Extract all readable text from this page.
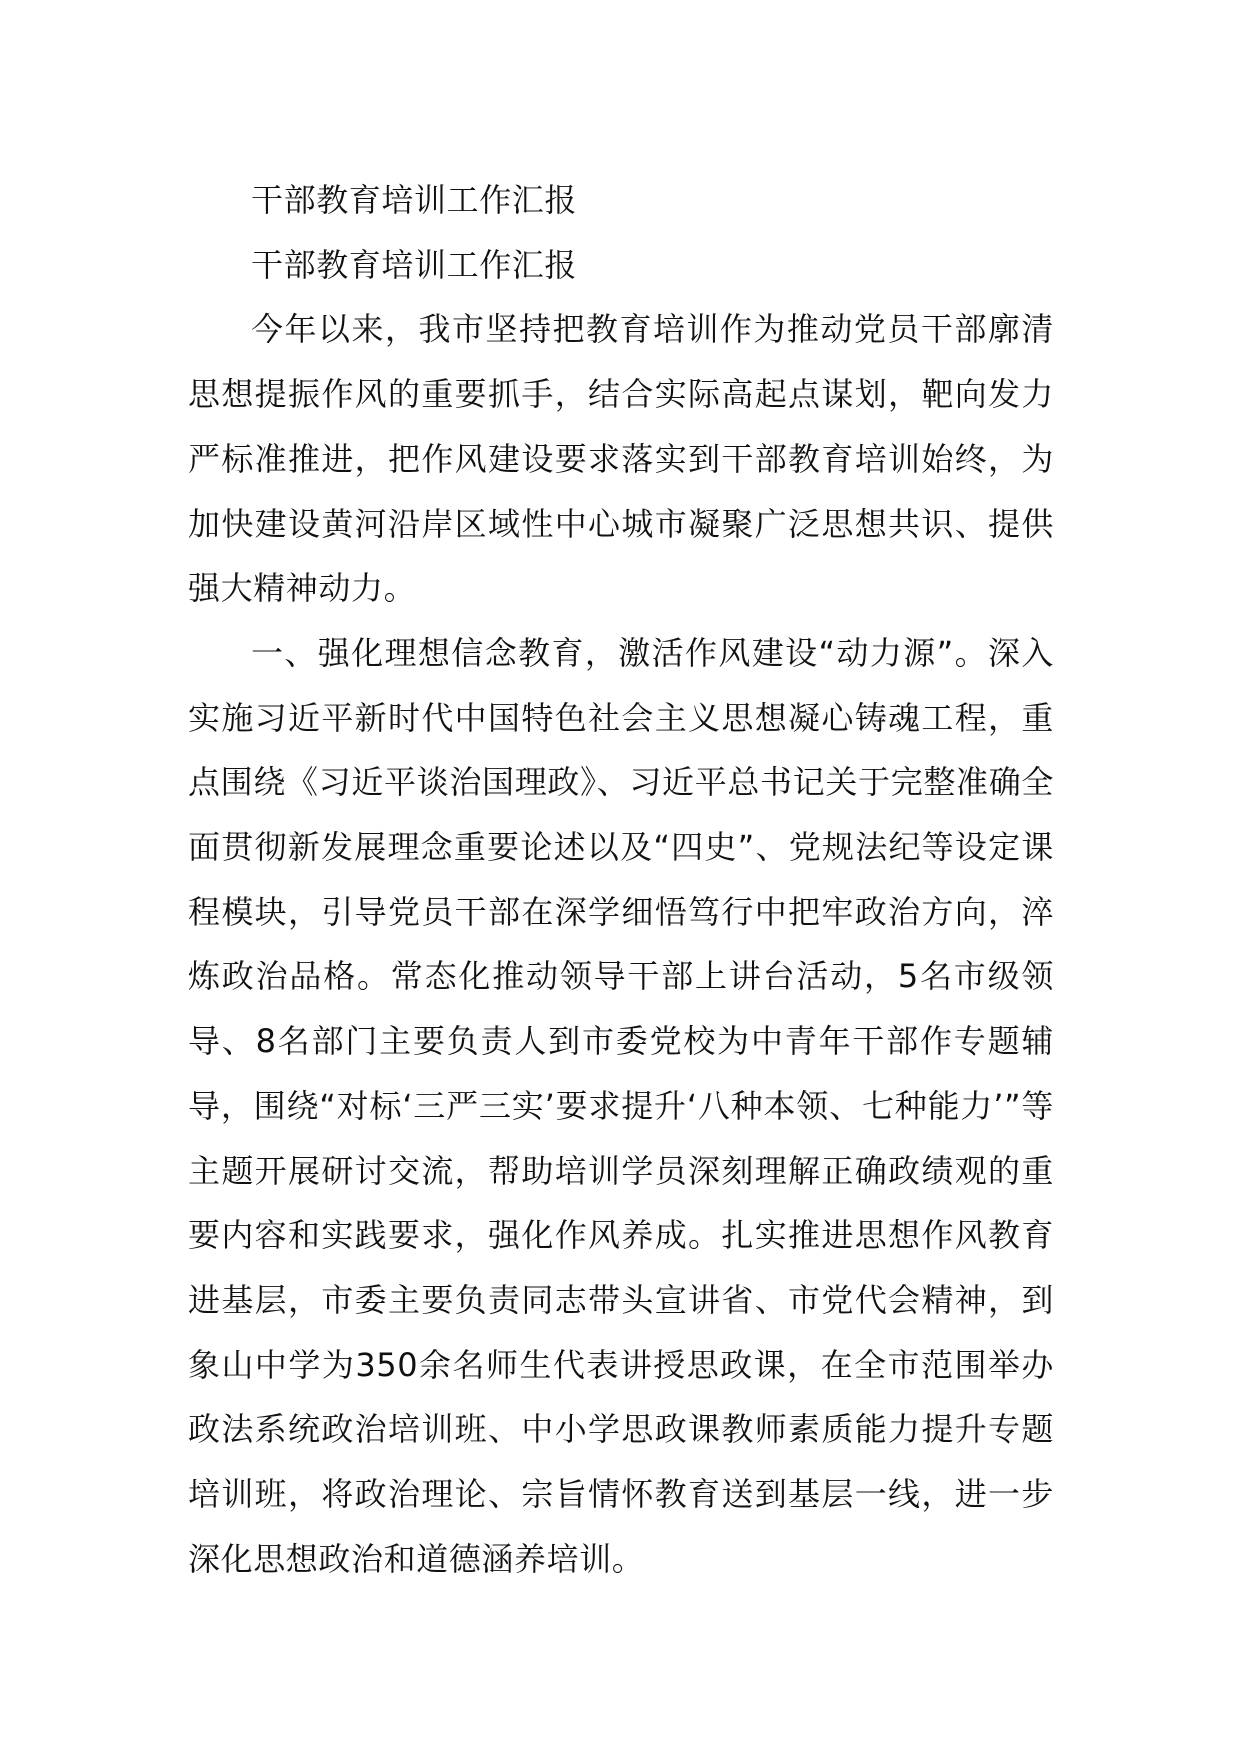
干部教育培训工作汇报

干部教育培训工作汇报

今年以来，我市坚持把教育培训作为推动党员干部廓清思想提振作风的重要抓手，结合实际高起点谋划，靶向发力严标准推进，把作风建设要求落实到干部教育培训始终，为加快建设黄河沿岸区域性中心城市凝聚广泛思想共识、提供强大精神动力。

一、强化理想信念教育，激活作风建设“动力源”。深入实施习近平新时代中国特色社会主义思想凝心铸魂工程，重点围绕《习近平谈治国理政》、习近平总书记关于完整准确全面贯彻新发展理念重要论述以及“四史”、党规法纪等设定课程模块，引导党员干部在深学细悟笃行中把牢政治方向，淬炼政治品格。常态化推动领导干部上讲台活动，5名市级领导、8名部门主要负责人到市委党校为中青年干部作专题辅导，围绕“对标‘三严三实’要求提升‘八种本领、七种能力’”等主题开展研讨交流，帮助培训学员深刻理解正确政绩观的重要内容和实践要求，强化作风养成。扎实推进思想作风教育进基层，市委主要负责同志带头宣讲省、市党代会精神，到象山中学为350余名师生代表讲授思政课，在全市范围举办政法系统政治培训班、中小学思政课教师素质能力提升专题培训班，将政治理论、宗旨情怀教育送到基层一线，进一步深化思想政治和道德涵养培训。
